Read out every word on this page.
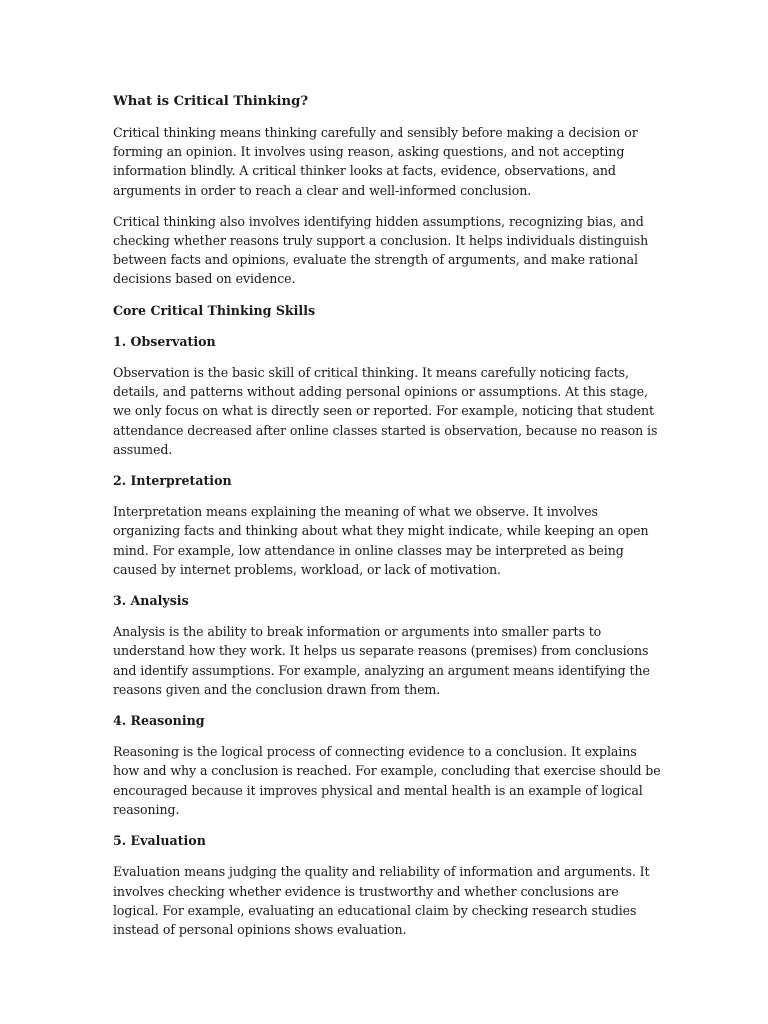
What is Critical Thinking?

Critical thinking means thinking carefully and sensibly before making a decision or forming an opinion. It involves using reason, asking questions, and not accepting information blindly. A critical thinker looks at facts, evidence, observations, and arguments in order to reach a clear and well-informed conclusion.

Critical thinking also involves identifying hidden assumptions, recognizing bias, and checking whether reasons truly support a conclusion. It helps individuals distinguish between facts and opinions, evaluate the strength of arguments, and make rational decisions based on evidence.

Core Critical Thinking Skills

1. Observation

Observation is the basic skill of critical thinking. It means carefully noticing facts, details, and patterns without adding personal opinions or assumptions. At this stage, we only focus on what is directly seen or reported. For example, noticing that student attendance decreased after online classes started is observation, because no reason is assumed.

2. Interpretation

Interpretation means explaining the meaning of what we observe. It involves organizing facts and thinking about what they might indicate, while keeping an open mind. For example, low attendance in online classes may be interpreted as being caused by internet problems, workload, or lack of motivation.

3. Analysis

Analysis is the ability to break information or arguments into smaller parts to understand how they work. It helps us separate reasons (premises) from conclusions and identify assumptions. For example, analyzing an argument means identifying the reasons given and the conclusion drawn from them.

4. Reasoning

Reasoning is the logical process of connecting evidence to a conclusion. It explains how and why a conclusion is reached. For example, concluding that exercise should be encouraged because it improves physical and mental health is an example of logical reasoning.

5. Evaluation

Evaluation means judging the quality and reliability of information and arguments. It involves checking whether evidence is trustworthy and whether conclusions are logical. For example, evaluating an educational claim by checking research studies instead of personal opinions shows evaluation.
